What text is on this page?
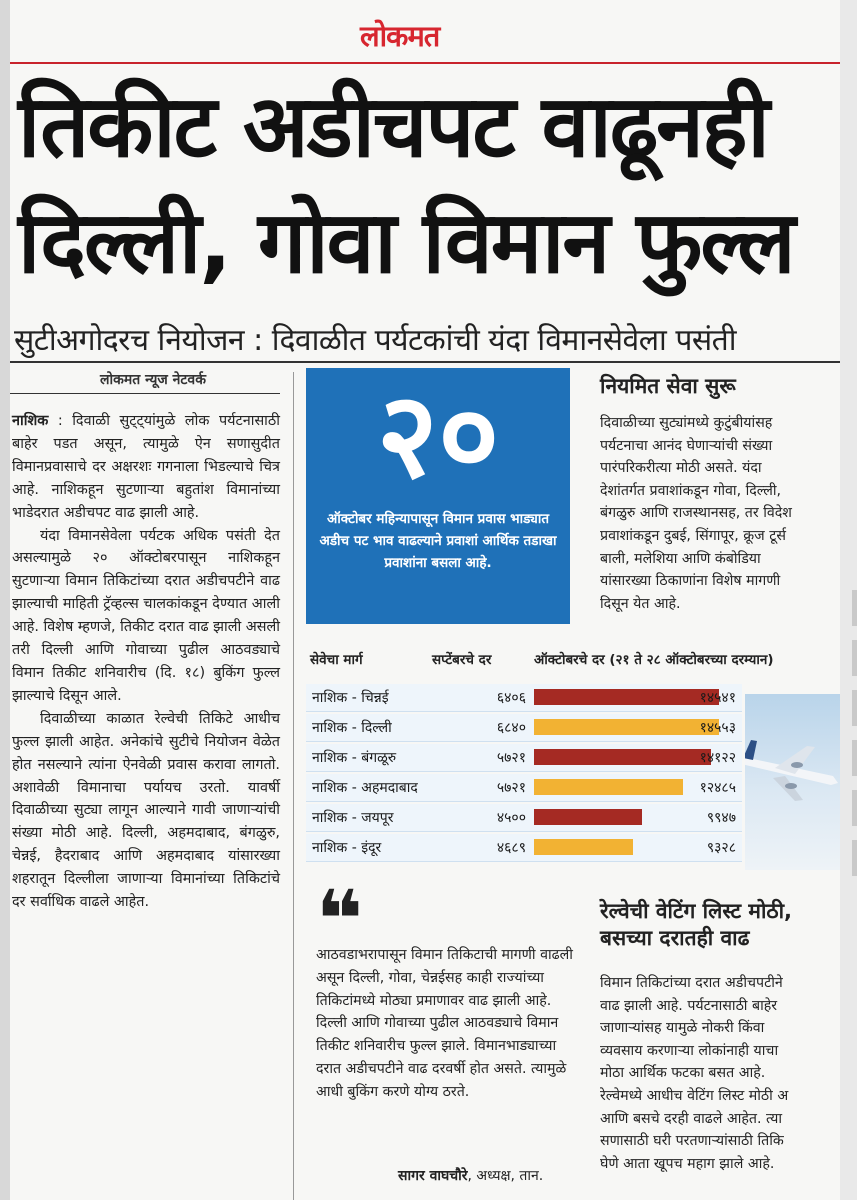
लोकमत
तिकीट अडीचपट वाढूनही
दिल्ली, गोवा विमान फुल्ल
सुटीअगोदरच नियोजन : दिवाळीत पर्यटकांची यंदा विमानसेवेला पसंती
लोकमत न्यूज नेटवर्क

नाशिक : दिवाळी सुट्ट्यांमुळे लोक पर्यटनासाठी बाहेर पडत असून, त्यामुळे ऐन सणासुदीत विमानप्रवासाचे दर अक्षरशः गगनाला भिडल्याचे चित्र आहे. नाशिकहून सुटणाऱ्या बहुतांश विमानांच्या भाडेदरात अडीचपट वाढ झाली आहे.

यंदा विमानसेवेला पर्यटक अधिक पसंती देत असल्यामुळे २० ऑक्टोबरपासून नाशिकहून सुटणाऱ्या विमान तिकिटांच्या दरात अडीचपटीने वाढ झाल्याची माहिती ट्रॅव्हल्स चालकांकडून देण्यात आली आहे. विशेष म्हणजे, तिकीट दरात वाढ झाली असली तरी दिल्ली आणि गोवाच्या पुढील आठवड्याचे विमान तिकीट शनिवारीच (दि. १८) बुकिंग फुल्ल झाल्याचे दिसून आले.

दिवाळीच्या काळात रेल्वेची तिकिटे आधीच फुल्ल झाली आहेत. अनेकांचे सुटीचे नियोजन वेळेत होत नसल्याने त्यांना ऐनवेळी प्रवास करावा लागतो. अशावेळी विमानाचा पर्यायच उरतो. यावर्षी दिवाळीच्या सुट्या लागून आल्याने गावी जाणाऱ्यांची संख्या मोठी आहे. दिल्ली, अहमदाबाद, बंगळुरु, चेन्नई, हैदराबाद आणि अहमदाबाद यांसारख्या शहरातून दिल्लीला जाणाऱ्या विमानांच्या तिकिटांचे दर सर्वाधिक वाढले आहेत.

२०
ऑक्टोबर महिन्यापासून विमान प्रवास भाड्यात अडीच पट भाव वाढल्याने प्रवाशांं आर्थिक तडाखा प्रवाशांना बसला आहे.
नियमित सेवा सुरू
दिवाळीच्या सुट्यांमध्ये कुटुंबीयांसह
पर्यटनाचा आनंद घेणाऱ्यांची संख्या
पारंपरिकरीत्या मोठी असते. यंदा
देशांतर्गत प्रवाशांकडून गोवा, दिल्ली,
बंगळुरु आणि राजस्थानसह, तर विदेश
प्रवाशांकडून दुबई, सिंगापूर, क्रूज टूर्स
बाली, मलेशिया आणि कंबोडिया
यांसारख्या ठिकाणांना विशेष मागणी
दिसून येत आहे.
सेवेचा मार्ग	सप्टेंबरचे दर	ऑक्टोबरचे दर (२१ ते २८ ऑक्टोबरच्या दरम्यान)
नाशिक - चिन्नई	६४०६	१४५४१
नाशिक - दिल्ली	६८४०	१४५५३
नाशिक - बंगळूरु	५७२१	१४१२२
नाशिक - अहमदाबाद	५७२१	१२४८५
नाशिक - जयपूर	४५००	९९४७
नाशिक - इंदूर	४६८९	९३२८
❝
आठवडाभरापासून विमान तिकिटाची मागणी वाढली असून दिल्ली, गोवा, चेन्नईसह काही राज्यांच्या तिकिटांमध्ये मोठ्या प्रमाणावर वाढ झाली आहे. दिल्ली आणि गोवाच्या पुढील आठवड्याचे विमान तिकीट शनिवारीच फुल्ल झाले. विमानभाड्याच्या दरात अडीचपटीने वाढ दरवर्षी होत असते. त्यामुळे आधी बुकिंग करणे योग्य ठरते.
सागर वाघचौरे, अध्यक्ष, तान.
रेल्वेची वेटिंग लिस्ट मोठी,
बसच्या दरातही वाढ
विमान तिकिटांच्या दरात अडीचपटीने
वाढ झाली आहे. पर्यटनासाठी बाहेर
जाणाऱ्यांसह यामुळे नोकरी किंवा
व्यवसाय करणाऱ्या लोकांनाही याचा
मोठा आर्थिक फटका बसत आहे.
रेल्वेमध्ये आधीच वेटिंग लिस्ट मोठी अ
आणि बसचे दरही वाढले आहेत. त्या
सणासाठी घरी परतणाऱ्यांसाठी तिकि
घेणे आता खूपच महाग झाले आहे.
